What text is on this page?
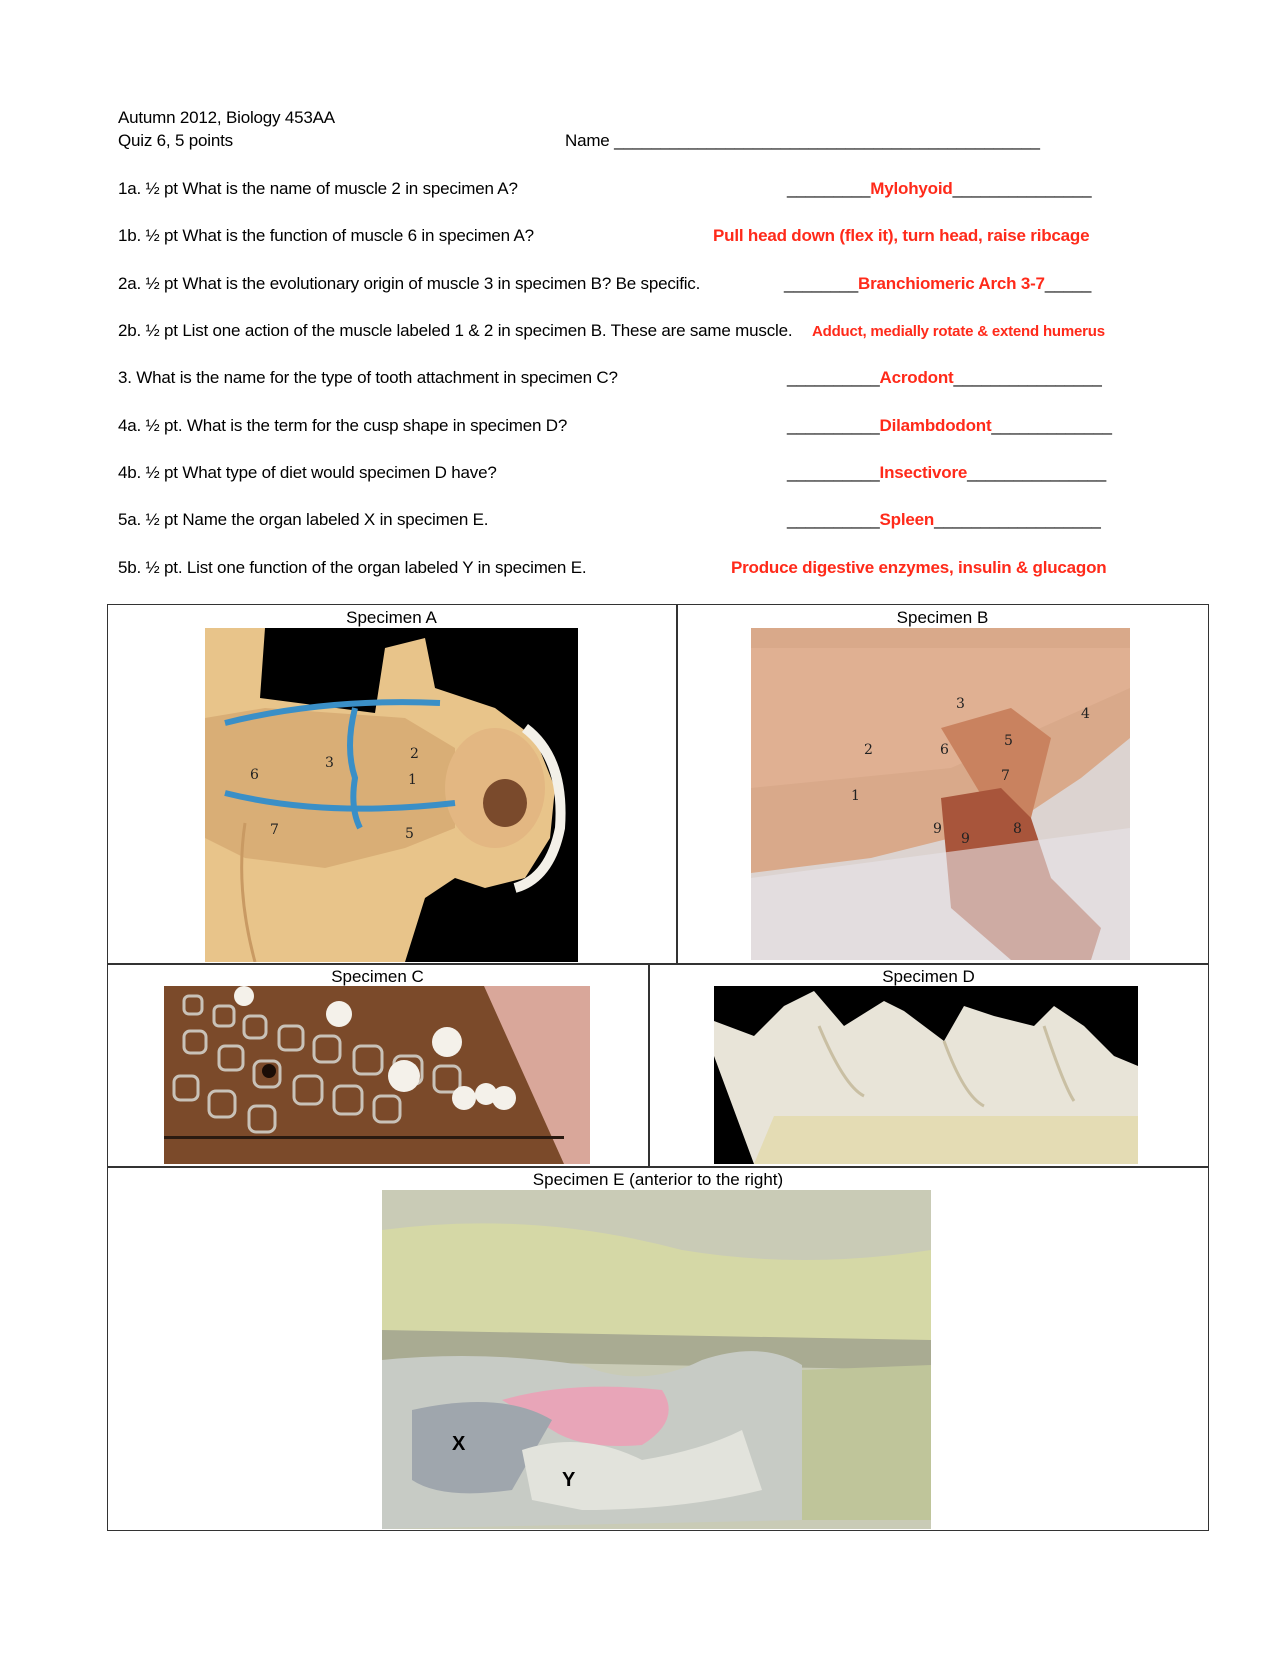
Autumn 2012, Biology 453AA
Quiz 6, 5 points	Name ______________________________________________
1a. ½ pt What is the name of muscle 2 in specimen A?	_________Mylohyoid_______________
1b. ½ pt What is the function of muscle 6 in specimen A?	Pull head down (flex it), turn head, raise ribcage
2a. ½ pt What is the evolutionary origin of muscle 3 in specimen B? Be specific.	________Branchiomeric Arch 3-7_____
2b. ½ pt List one action of the muscle labeled 1 & 2 in specimen B. These are same muscle. Adduct, medially rotate & extend humerus
3. What is the name for the type of tooth attachment in specimen C?	__________Acrodont________________
4a. ½ pt. What is the term for the cusp shape in specimen D?	__________Dilambdodont_____________
4b. ½ pt What type of diet would specimen D have?	__________Insectivore_______________
5a. ½ pt Name the organ labeled X in specimen E.	__________Spleen__________________
5b. ½ pt. List one function of the organ labeled Y in specimen E.	Produce digestive enzymes, insulin & glucagon
Specimen A
6
3
2
1
7	5
Specimen B
3
4
2	6
5
7
1
9
9
8
Specimen C	Specimen D
Specimen E (anterior to the right)
X
Y
